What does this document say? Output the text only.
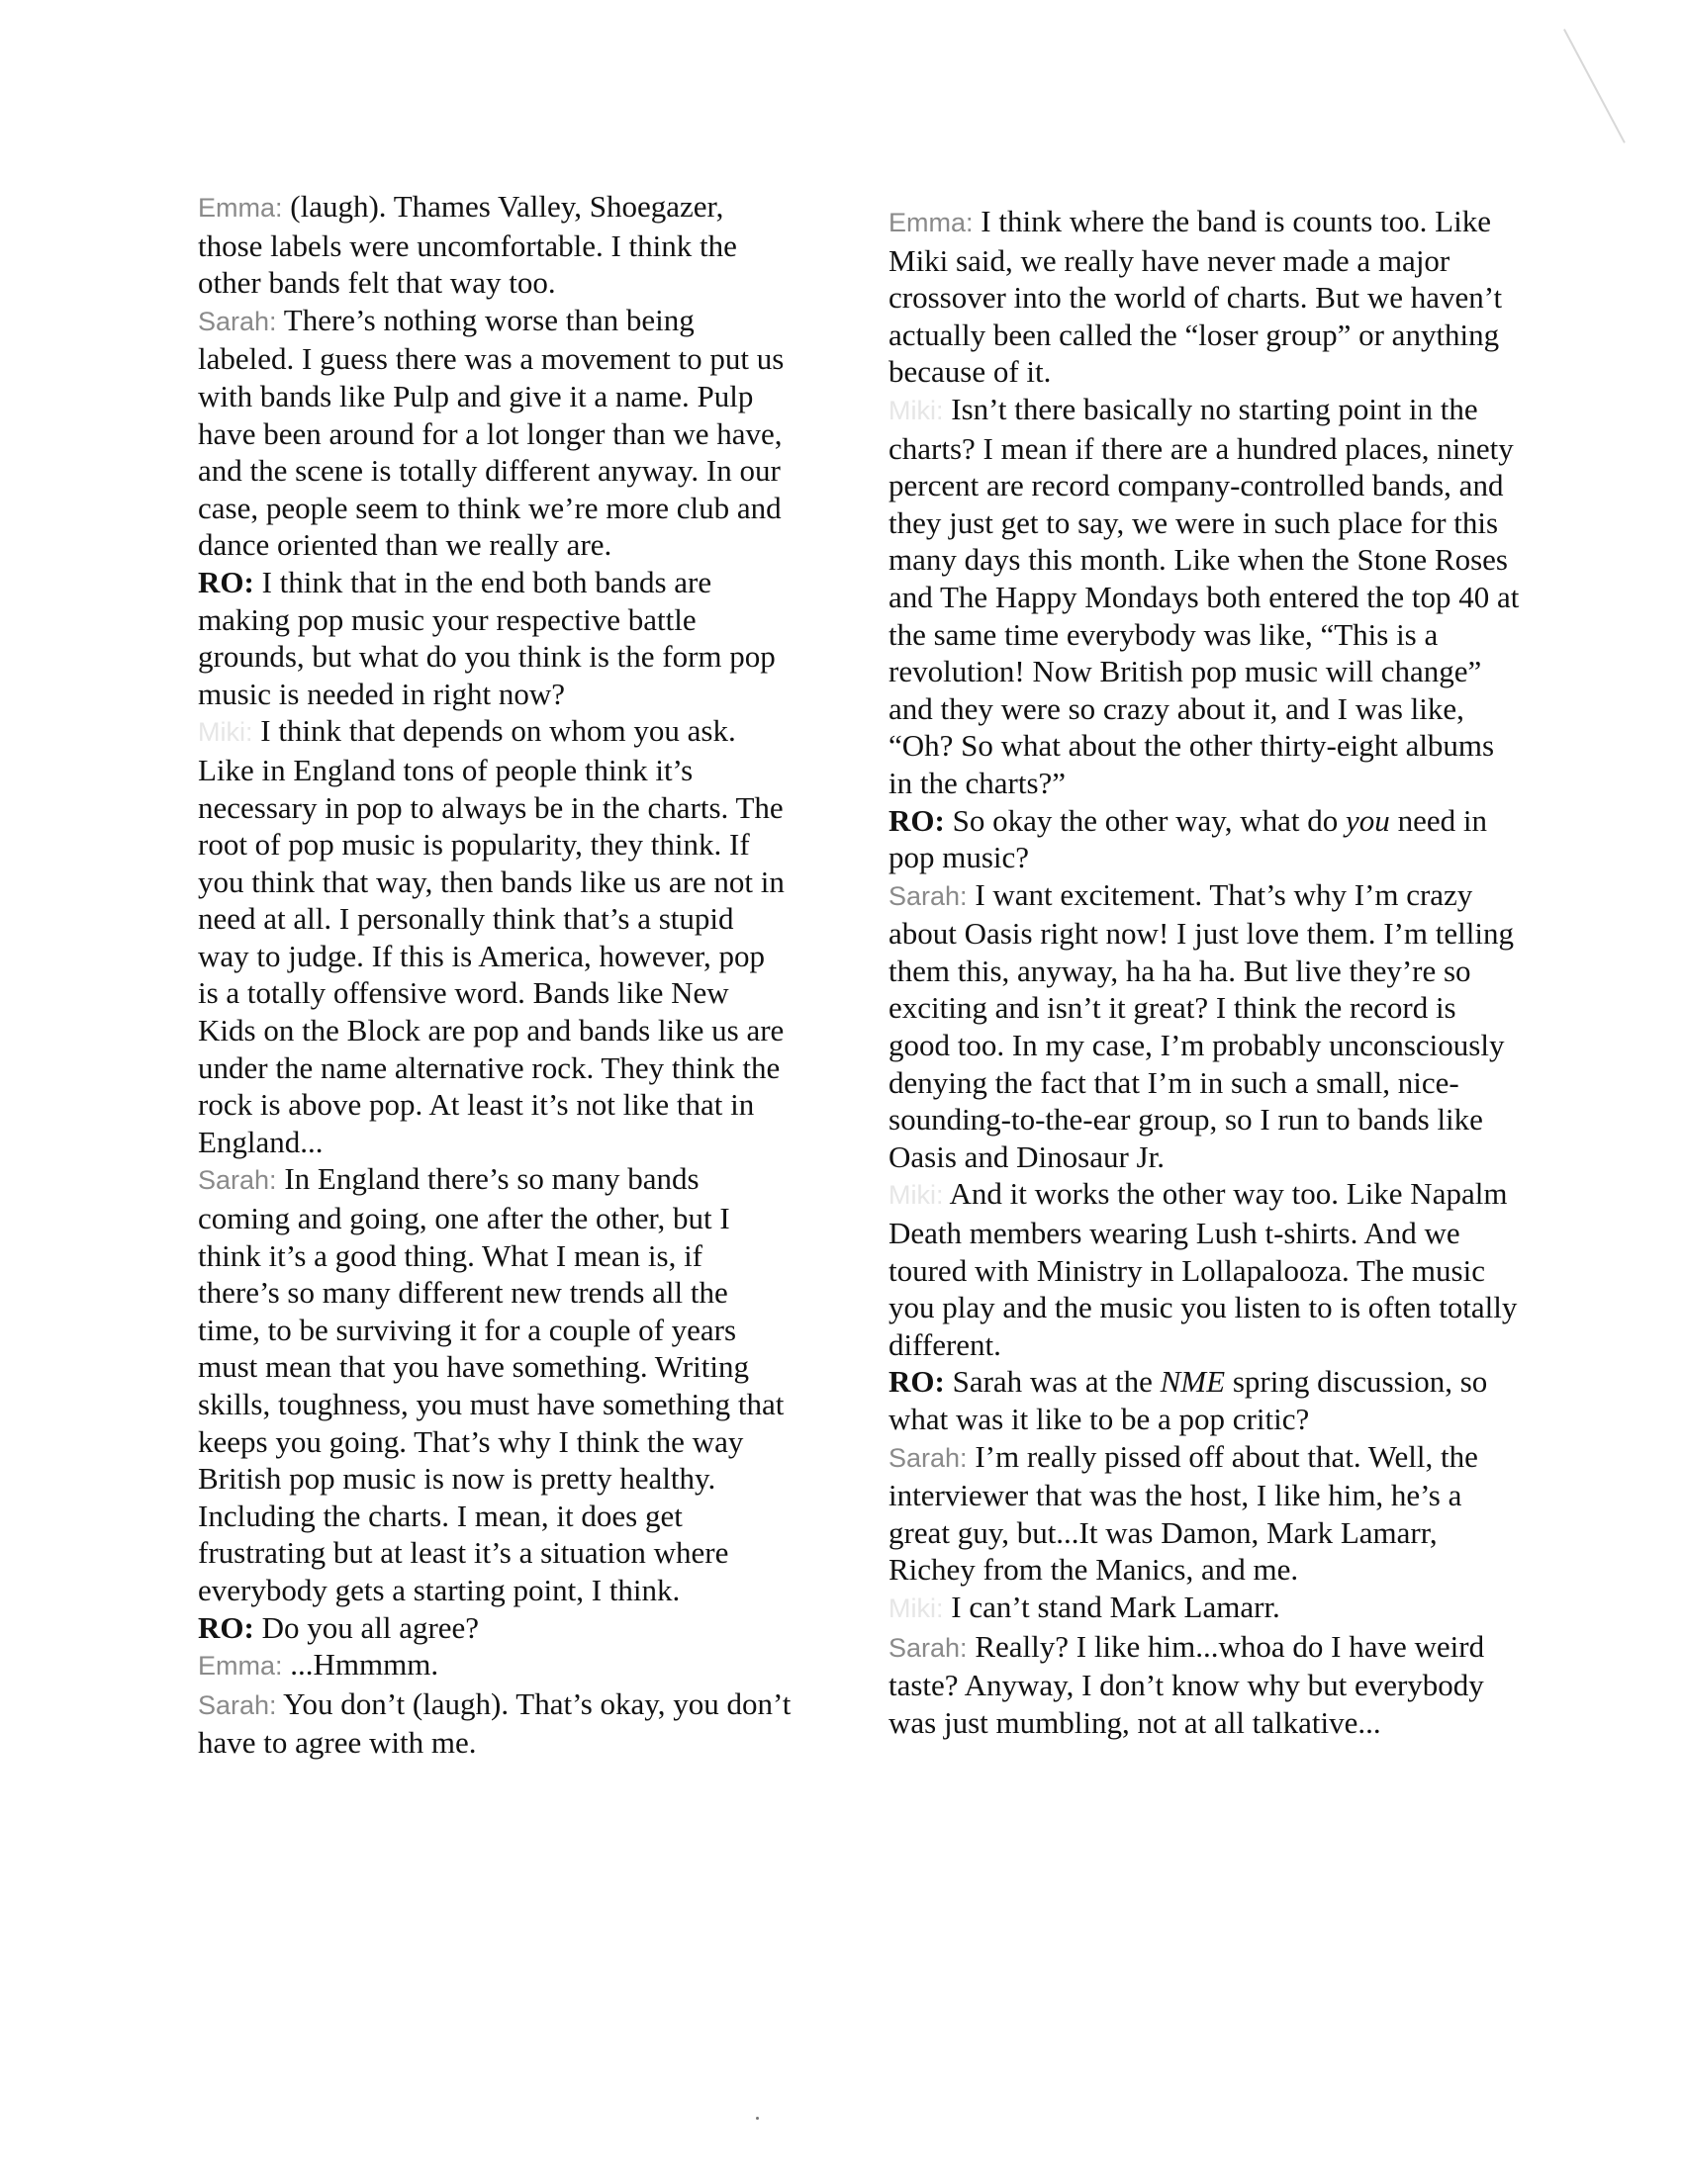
Emma: (laugh). Thames Valley, Shoegazer, those labels were uncomfortable. I think the other bands felt that way too.

Sarah: There’s nothing worse than being labeled. I guess there was a movement to put us with bands like Pulp and give it a name. Pulp have been around for a lot longer than we have, and the scene is totally different anyway. In our case, people seem to think we’re more club and dance oriented than we really are.

RO: I think that in the end both bands are making pop music your respective battle grounds, but what do you think is the form pop music is needed in right now?

Miki: I think that depends on whom you ask. Like in England tons of people think it’s necessary in pop to always be in the charts. The root of pop music is popularity, they think. If you think that way, then bands like us are not in need at all. I personally think that’s a stupid way to judge. If this is America, however, pop is a totally offensive word. Bands like New Kids on the Block are pop and bands like us are under the name alternative rock. They think the rock is above pop. At least it’s not like that in England...

Sarah: In England there’s so many bands coming and going, one after the other, but I think it’s a good thing. What I mean is, if there’s so many different new trends all the time, to be surviving it for a couple of years must mean that you have something. Writing skills, toughness, you must have something that keeps you going. That’s why I think the way British pop music is now is pretty healthy. Including the charts. I mean, it does get frustrating but at least it’s a situation where everybody gets a starting point, I think.

RO: Do you all agree?

Emma: ...Hmmmm.

Sarah: You don’t (laugh). That’s okay, you don’t have to agree with me.

Emma: I think where the band is counts too. Like Miki said, we really have never made a major crossover into the world of charts. But we haven’t actually been called the “loser group” or anything because of it.

Miki: Isn’t there basically no starting point in the charts? I mean if there are a hundred places, ninety percent are record company-controlled bands, and they just get to say, we were in such place for this many days this month. Like when the Stone Roses and The Happy Mondays both entered the top 40 at the same time everybody was like, “This is a revolution! Now British pop music will change” and they were so crazy about it, and I was like, “Oh? So what about the other thirty-eight albums in the charts?”

RO: So okay the other way, what do you need in pop music?

Sarah: I want excitement. That’s why I’m crazy about Oasis right now! I just love them. I’m telling them this, anyway, ha ha ha. But live they’re so exciting and isn’t it great? I think the record is good too. In my case, I’m probably unconsciously denying the fact that I’m in such a small, nice-sounding-to-the-ear group, so I run to bands like Oasis and Dinosaur Jr.

Miki: And it works the other way too. Like Napalm Death members wearing Lush t-shirts. And we toured with Ministry in Lollapalooza. The music you play and the music you listen to is often totally different.

RO: Sarah was at the NME spring discussion, so what was it like to be a pop critic?

Sarah: I’m really pissed off about that. Well, the interviewer that was the host, I like him, he’s a great guy, but...It was Damon, Mark Lamarr, Richey from the Manics, and me.

Miki: I can’t stand Mark Lamarr.

Sarah: Really? I like him...whoa do I have weird taste? Anyway, I don’t know why but everybody was just mumbling, not at all talkative...
